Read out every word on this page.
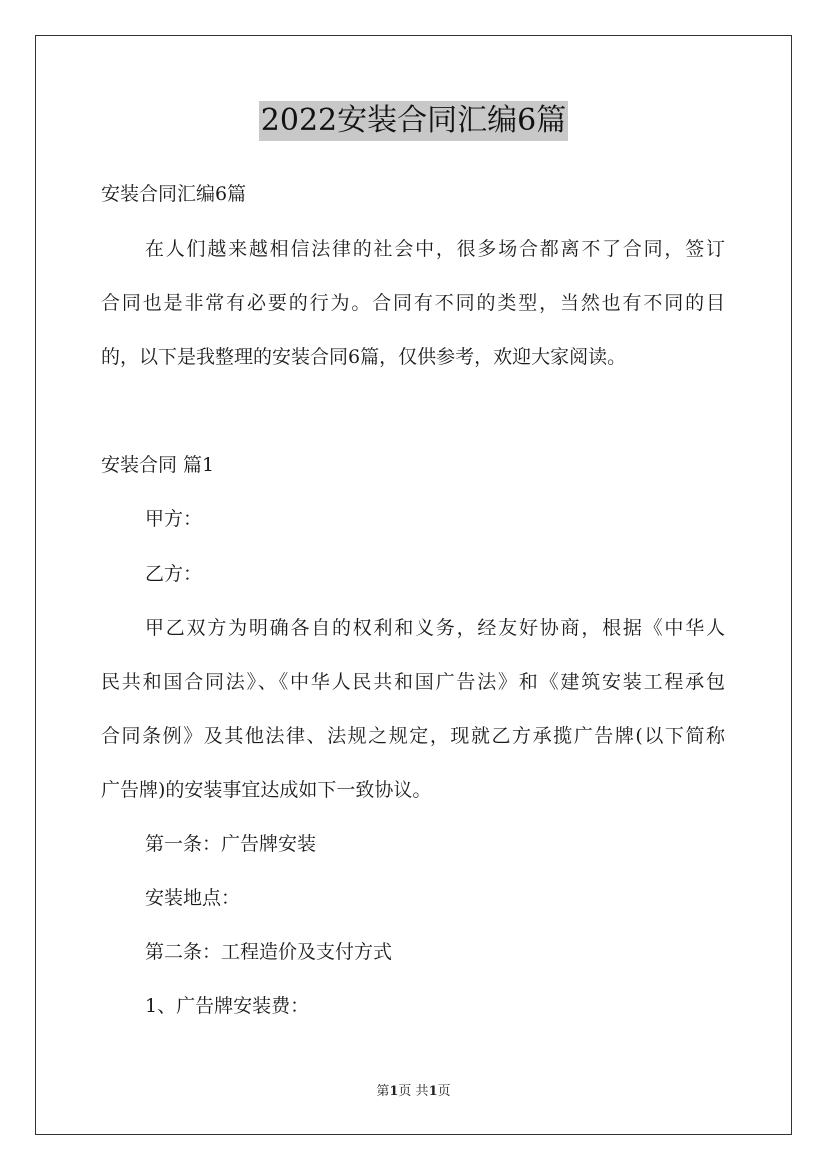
2022安装合同汇编6篇
安装合同汇编6篇
在人们越来越相信法律的社会中，很多场合都离不了合同，签订
合同也是非常有必要的行为。合同有不同的类型，当然也有不同的目
的，以下是我整理的安装合同6篇，仅供参考，欢迎大家阅读。
安装合同 篇1
甲方：
乙方：
甲乙双方为明确各自的权利和义务，经友好协商，根据《中华人
民共和国合同法》、《中华人民共和国广告法》和《建筑安装工程承包
合同条例》及其他法律、法规之规定，现就乙方承揽广告牌(以下简称
广告牌)的安装事宜达成如下一致协议。
第一条：广告牌安装
安装地点：
第二条：工程造价及支付方式
1、广告牌安装费：
第1页 共1页
